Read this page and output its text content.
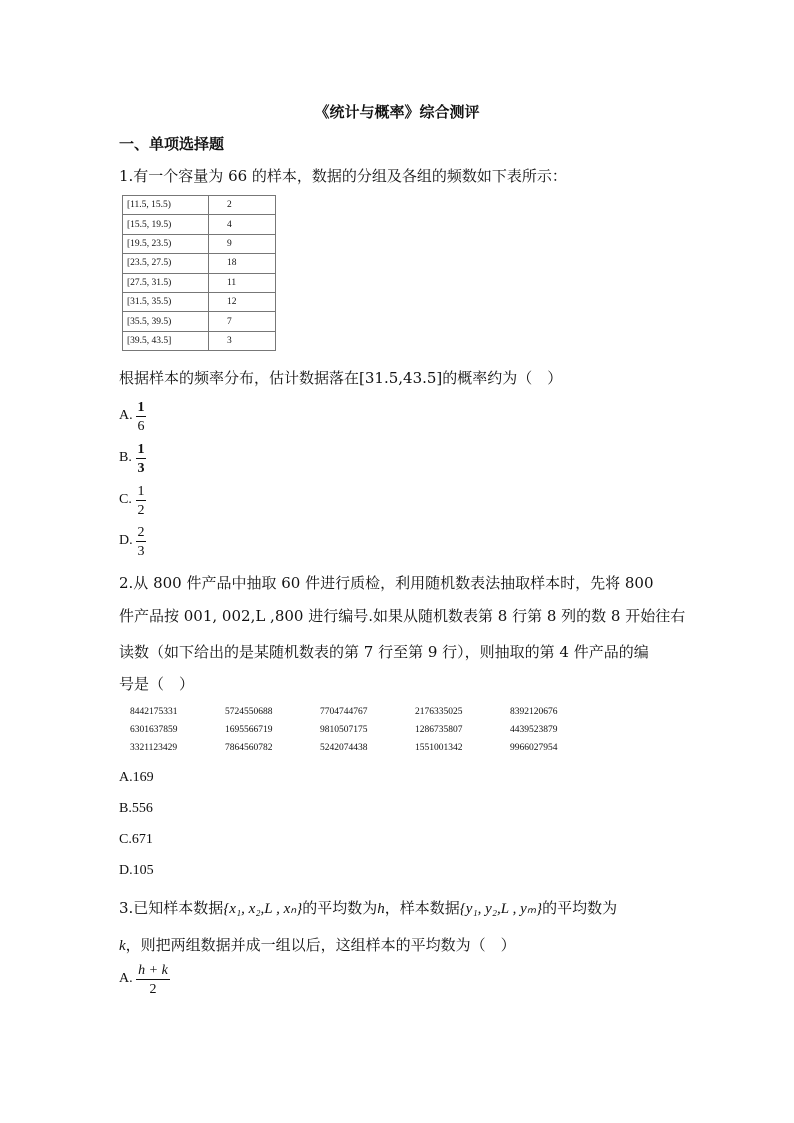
《统计与概率》综合测评
一、单项选择题
1.有一个容量为 66 的样本，数据的分组及各组的频数如下表所示：
[11.5, 15.5)	2
[15.5, 19.5)	4
[19.5, 23.5)	9
[23.5, 27.5)	18
[27.5, 31.5)	11
[31.5, 35.5)	12
[35.5, 39.5)	7
[39.5, 43.5]	3
根据样本的频率分布，估计数据落在[31.5,43.5]的概率约为（　）
A.
1
6
B.
1
3
C.
1
2
D.
2
3
2.从 800 件产品中抽取 60 件进行质检，利用随机数表法抽取样本时，先将 800
件产品按 001, 002,L ,800 进行编号.如果从随机数表第 8 行第 8 列的数 8 开始往右
读数（如下给出的是某随机数表的第 7 行至第 9 行），则抽取的第 4 件产品的编
号是（　）
8442175331	5724550688	7704744767	2176335025	8392120676
6301637859	1695566719	9810507175	1286735807	4439523879
3321123429	7864560782	5242074438	1551001342	9966027954
A.169
B.556
C.671
D.105
3.已知样本数据{x₁, x₂,L , xₙ}的平均数为h，样本数据{y₁, y₂,L , yₘ}的平均数为
k，则把两组数据并成一组以后，这组样本的平均数为（　）
A.
h + k
2
